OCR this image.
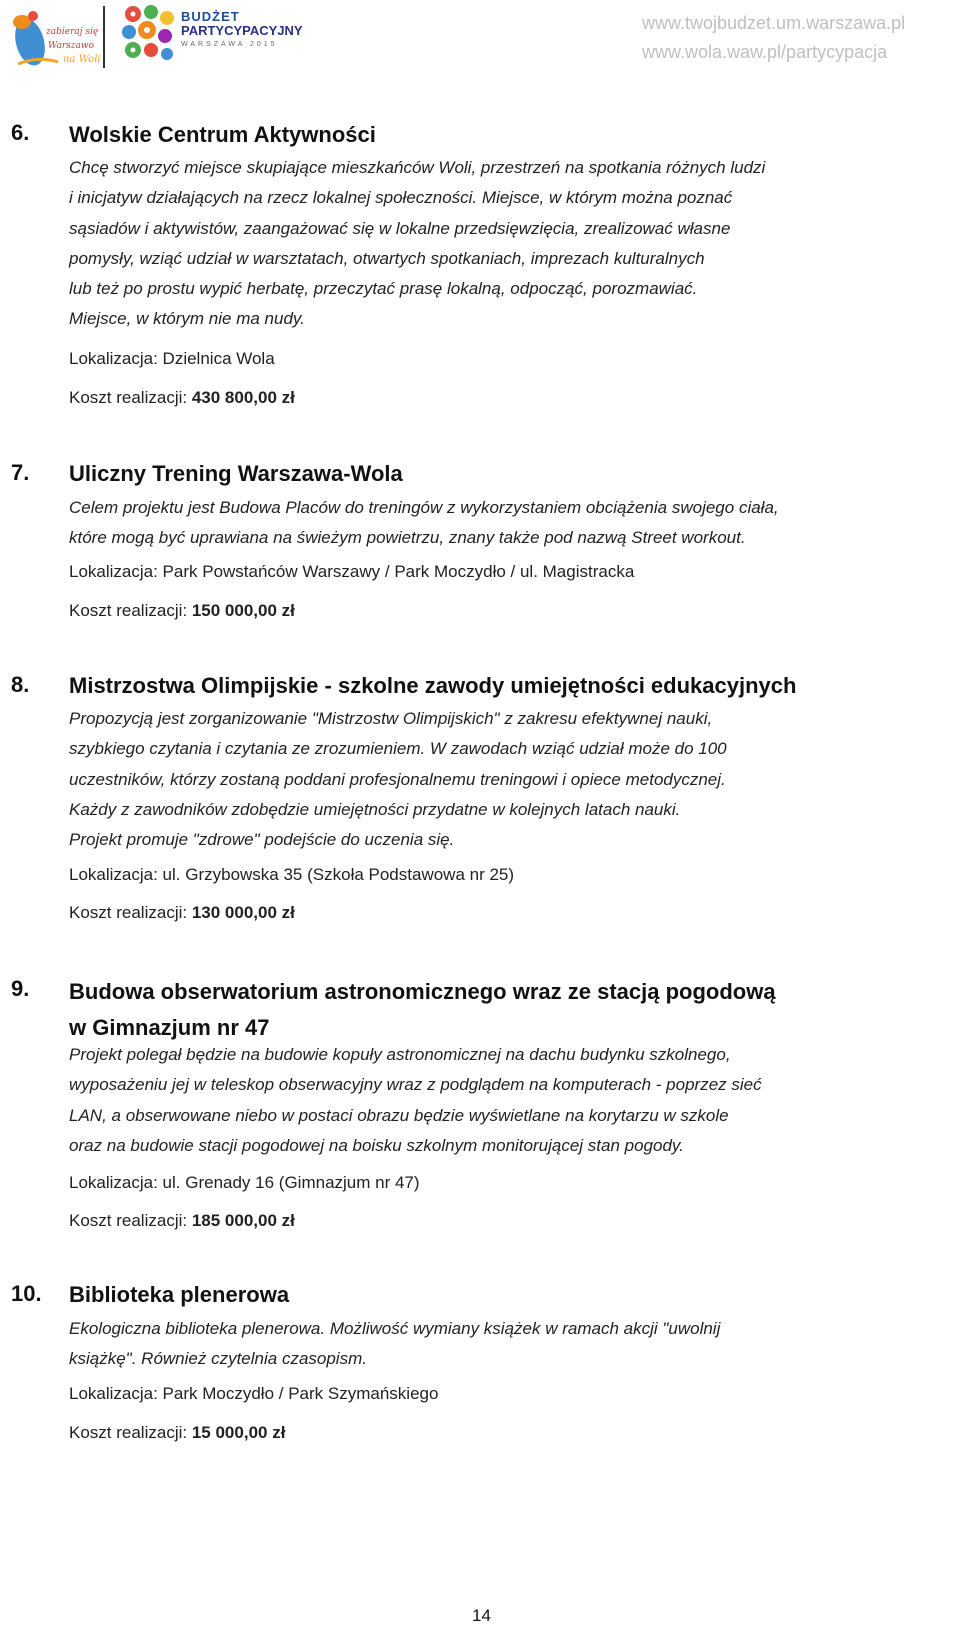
zabieraj się
Warszawo
na Woli
BUDŻET
PARTYCYPACYJNY
WARSZAWA 2015
www.twojbudzet.um.warszawa.pl
www.wola.waw.pl/partycypacja
6. Wolskie Centrum Aktywności
Chcę stworzyć miejsce skupiające mieszkańców Woli, przestrzeń na spotkania różnych ludzi
i inicjatyw działających na rzecz lokalnej społeczności. Miejsce, w którym można poznać
sąsiadów i aktywistów, zaangażować się w lokalne przedsięwzięcia, zrealizować własne
pomysły, wziąć udział w warsztatach, otwartych spotkaniach, imprezach kulturalnych
lub też po prostu wypić herbatę, przeczytać prasę lokalną, odpocząć, porozmawiać.
Miejsce, w którym nie ma nudy.
Lokalizacja: Dzielnica Wola
Koszt realizacji: 430 800,00 zł
7. Uliczny Trening Warszawa-Wola
Celem projektu jest Budowa Placów do treningów z wykorzystaniem obciążenia swojego ciała,
które mogą być uprawiana na świeżym powietrzu, znany także pod nazwą Street workout.
Lokalizacja: Park Powstańców Warszawy / Park Moczydło / ul. Magistracka
Koszt realizacji: 150 000,00 zł
8. Mistrzostwa Olimpijskie - szkolne zawody umiejętności edukacyjnych
Propozycją jest zorganizowanie "Mistrzostw Olimpijskich" z zakresu efektywnej nauki,
szybkiego czytania i czytania ze zrozumieniem. W zawodach wziąć udział może do 100
uczestników, którzy zostaną poddani profesjonalnemu treningowi i opiece metodycznej.
Każdy z zawodników zdobędzie umiejętności przydatne w kolejnych latach nauki.
Projekt promuje "zdrowe" podejście do uczenia się.
Lokalizacja: ul. Grzybowska 35 (Szkoła Podstawowa nr 25)
Koszt realizacji: 130 000,00 zł
9. Budowa obserwatorium astronomicznego wraz ze stacją pogodową
w Gimnazjum nr 47
Projekt polegał będzie na budowie kopuły astronomicznej na dachu budynku szkolnego,
wyposażeniu jej w teleskop obserwacyjny wraz z podglądem na komputerach - poprzez sieć
LAN, a obserwowane niebo w postaci obrazu będzie wyświetlane na korytarzu w szkole
oraz na budowie stacji pogodowej na boisku szkolnym monitorującej stan pogody.
Lokalizacja: ul. Grenady 16 (Gimnazjum nr 47)
Koszt realizacji: 185 000,00 zł
10. Biblioteka plenerowa
Ekologiczna biblioteka plenerowa. Możliwość wymiany książek w ramach akcji "uwolnij
książkę". Również czytelnia czasopism.
Lokalizacja: Park Moczydło / Park Szymańskiego
Koszt realizacji: 15 000,00 zł
14
